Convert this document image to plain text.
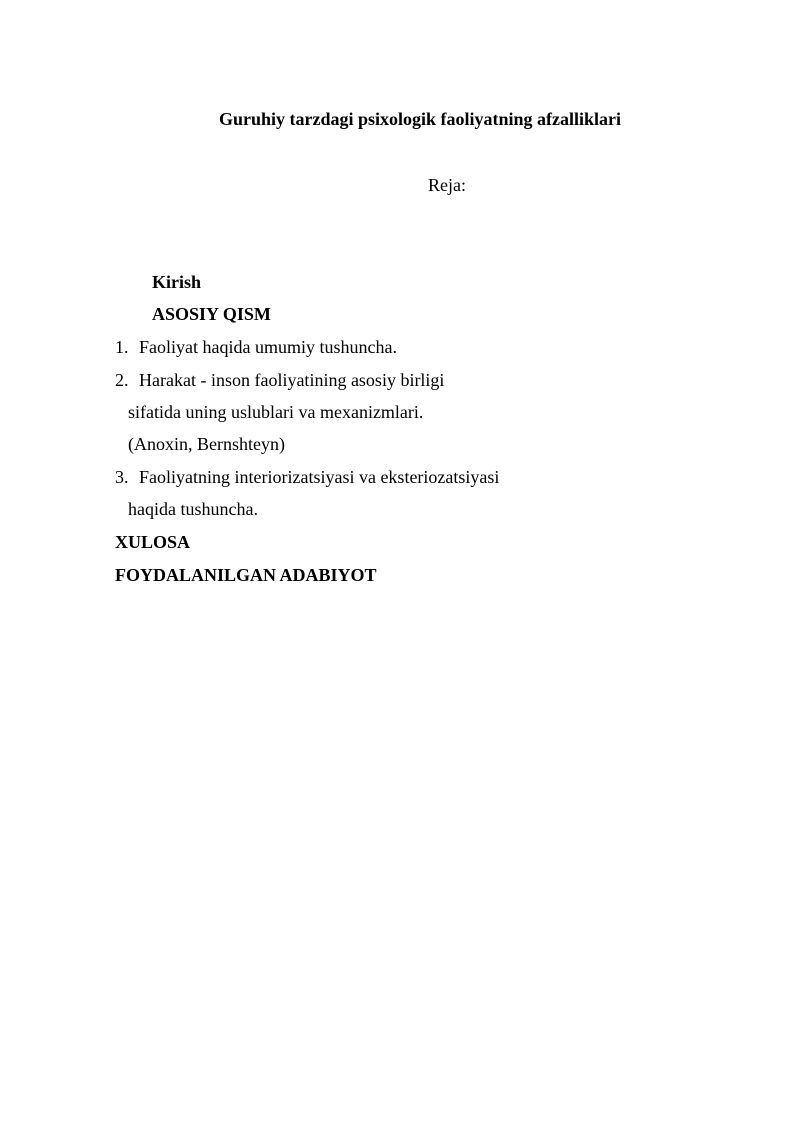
Guruhiy tarzdagi psixologik faoliyatning afzalliklari
Reja:
Kirish
ASOSIY QISM
1. Faoliyat haqida umumiy tushuncha.
2. Harakat - inson faoliyatining asosiy birligi
sifatida uning uslublari va mexanizmlari.
(Anoxin, Bernshteyn)
3. Faoliyatning interiorizatsiyasi va eksteriozatsiyasi
haqida tushuncha.
XULOSA
FOYDALANILGAN ADABIYOT
